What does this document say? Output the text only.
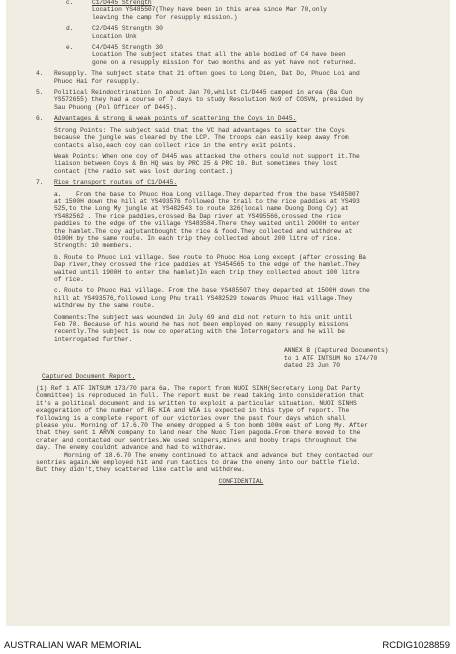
c.	C1/D445 Strength
Location YS485507(They have been in this area since Mar 70,only
leaving the camp for resupply mission.)
d.	C2/D445 Strength 30
Location Unk
e.	C4/D445 Strength 30
Location The subject states that all the able bodied of C4 have been
gone on a resupply mission for two months and as yet have not returned.
4. Resupply. The subject state that 21 often goes to Long Dien, Dat Do, Phuoc Loi and
Phuoc Hai for resupply.
5. Political Reindoctrination In about Jan 70,whilst C1/D445 camped in area (Ba Cun
YS572655) they had a course of 7 days to study Resolution No9 of COSVN, presided by
Sau Phuong (Pol Officer of D445).
6. Advantages & strong & weak points of scattering the Coys in D445.
Strong Points: The subject said that the VC had advantages to scatter the Coys
because the jungle was cleared by the LCP. The troops can easily keep away from
contacts also,each coy can collect rice in the entry exit points.
Weak Points: When one coy of D445 was attacked the others could not support it.The
liaison between Coys & Bn HQ was by PRC 25 & PRC 10. But sometimes they lost
contact (the radio set was lost during contact.)
7. Rice transport routes of C1/D445.
a. From the base to Phuoc Hoa Long village.They departed from the base YS485807
at 1500H down the hill at YS493576 followed the trail to the rice paddies at YS493
525,to the Long My jungle at YS482543 to route 326(local name Duong Dong Cy) at
YS482562 . The rice paddies,crossed Ba Dap river at YS495566,crossed the rice
paddies to the edge of the village YS483584.There they waited until 2000H to enter
the hamlet.The coy adjutantbought the rice & food.They collected and withdrew at
0100H by the same route. In each trip they collected about 200 litre of rice.
Strength: 10 members.
b. Route to Phuoc Loi village. See route to Phuoc Hoa Long except (after crossing Ba
Dap river,they crossed the rice paddies at YS454565 to the edge of the hamlet.They
waited until 1900H to enter the hamlet)In each trip they collected about 100 litre
of rice.
c. Route to Phuoc Hai village. From the base YS485507 they departed at 1500H down the
hill at YS493576,followed Long Phu trail YS482529 towards Phuoc Hai village.They
withdrew by the same route.
Comments:The subject was wounded in July 69 and did not return to his unit until
Feb 70. Because of his wound he has not been employed on many resupply missions
recently.The subject is now co operating with the Interrogators and he will be
interrogated further.
ANNEX B (Captured Documents)
to 1 ATF INTSUM No 174/70
dated 23 Jun 70
Captured Document Report.
(1) Ref 1 ATF INTSUM 173/70 para 6a. The report from NUOI SINH(Secretary Long Dat Party
Committee) is reproduced in full. The report must be read taking into consideration that
it's a political document and is written to exploit a particular situation. NUOI SINHS
exaggeration of the number of RF KIA and WIA is expected in this type of report. The
following is a complete report of our victories over the past four days which shall
please you. Morning of 17.6.70 The enemy dropped a 5 ton bomb 100m east of Long My. After
that they sent 1 ARVN company to land near the Nuoc Tien pagoda.From there moved to the
crater and contacted our sentries.We used snipers,mines and booby traps throughout the
day. The enemy couldnt advance and had to withdraw.
Morning of 18.6.70 The enemy continued to attack and advance but they contacted our
sentries again.We employed hit and run tactics to draw the enemy into our battle field.
But they didn't,they scattered like cattle and withdrew.
CONFIDENTIAL
AUSTRALIAN WAR MEMORIAL	RCDIG1028859
